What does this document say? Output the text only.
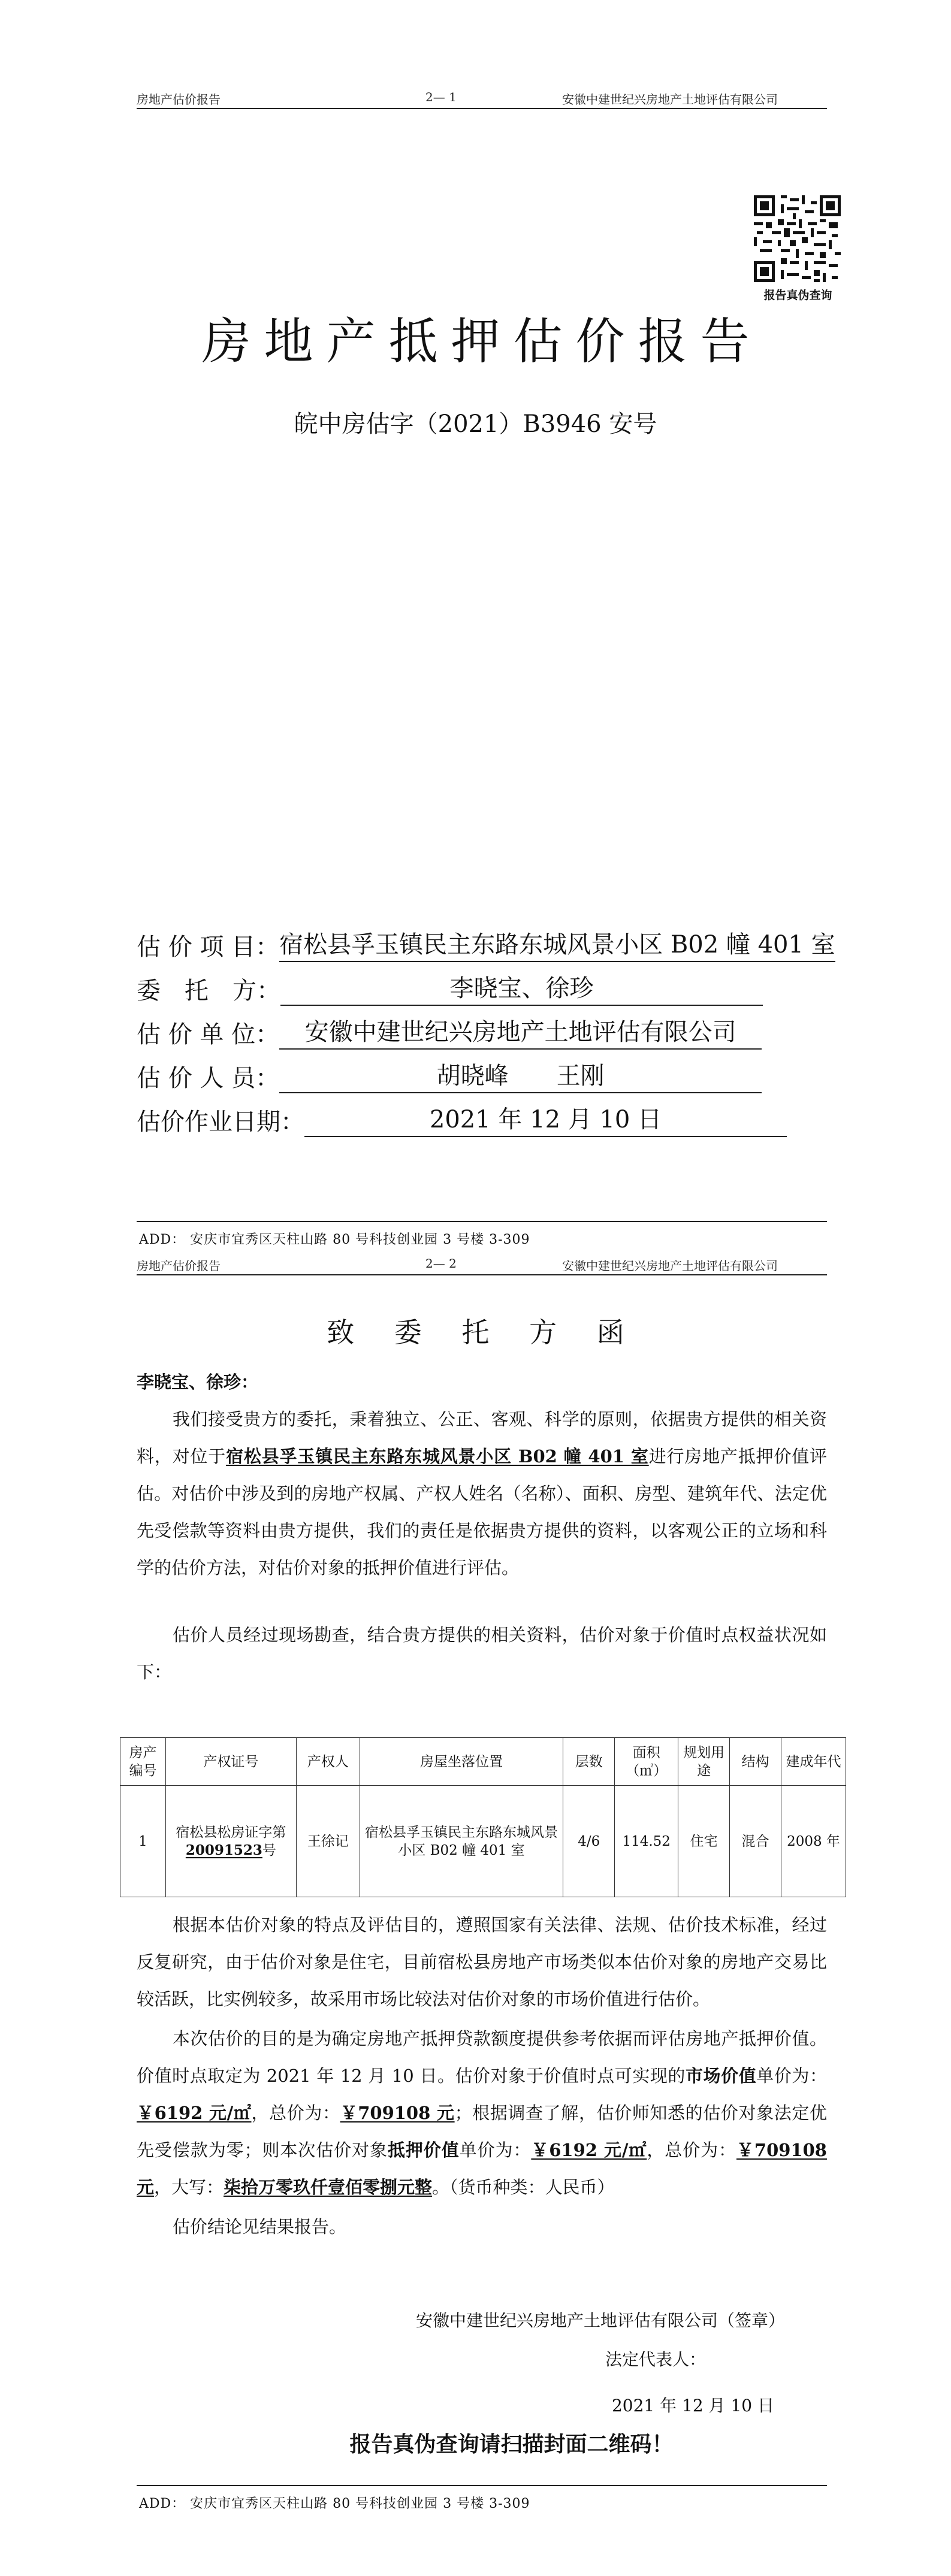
房地产估价报告	2— 1	安徽中建世纪兴房地产土地评估有限公司
报告真伪查询
房地产抵押估价报告
皖中房估字（2021）B3946 安号
估 价 项 目： 宿松县孚玉镇民主东路东城风景小区 B02 幢 401 室
委　托　方：	李晓宝、徐珍
估 价 单 位：	安徽中建世纪兴房地产土地评估有限公司
估 价 人 员：	胡晓峰　　王刚
估价作业日期：	2021 年 12 月 10 日
ADD： 安庆市宜秀区天柱山路 80 号科技创业园 3 号楼 3-309
房地产估价报告	2— 2	安徽中建世纪兴房地产土地评估有限公司
致 委 托 方 函
李晓宝、徐珍：
我们接受贵方的委托，秉着独立、公正、客观、科学的原则，依据贵方提供的相关资料，对位于宿松县孚玉镇民主东路东城风景小区 B02 幢 401 室进行房地产抵押价值评估。对估价中涉及到的房地产权属、产权人姓名（名称）、面积、房型、建筑年代、法定优先受偿款等资料由贵方提供，我们的责任是依据贵方提供的资料，以客观公正的立场和科学的估价方法，对估价对象的抵押价值进行评估。
估价人员经过现场勘查，结合贵方提供的相关资料，估价对象于价值时点权益状况如下：
房产编号	产权证号	产权人	房屋坐落位置	层数	面积（㎡）	规划用途	结构	建成年代
1	宿松县松房证字第20091523号	王徐记	宿松县孚玉镇民主东路东城风景小区 B02 幢 401 室	4/6	114.52	住宅	混合	2008 年
根据本估价对象的特点及评估目的，遵照国家有关法律、法规、估价技术标准，经过反复研究，由于估价对象是住宅，目前宿松县房地产市场类似本估价对象的房地产交易比较活跃，比实例较多，故采用市场比较法对估价对象的市场价值进行估价。
本次估价的目的是为确定房地产抵押贷款额度提供参考依据而评估房地产抵押价值。价值时点取定为 2021 年 12 月 10 日。估价对象于价值时点可实现的市场价值单价为：￥6192 元/㎡，总价为：￥709108 元；根据调查了解，估价师知悉的估价对象法定优先受偿款为零；则本次估价对象抵押价值单价为：￥6192 元/㎡，总价为：￥709108 元，大写：柒拾万零玖仟壹佰零捌元整。（货币种类：人民币）
估价结论见结果报告。
安徽中建世纪兴房地产土地评估有限公司（签章）
法定代表人：
2021 年 12 月 10 日
报告真伪查询请扫描封面二维码！
ADD： 安庆市宜秀区天柱山路 80 号科技创业园 3 号楼 3-309
